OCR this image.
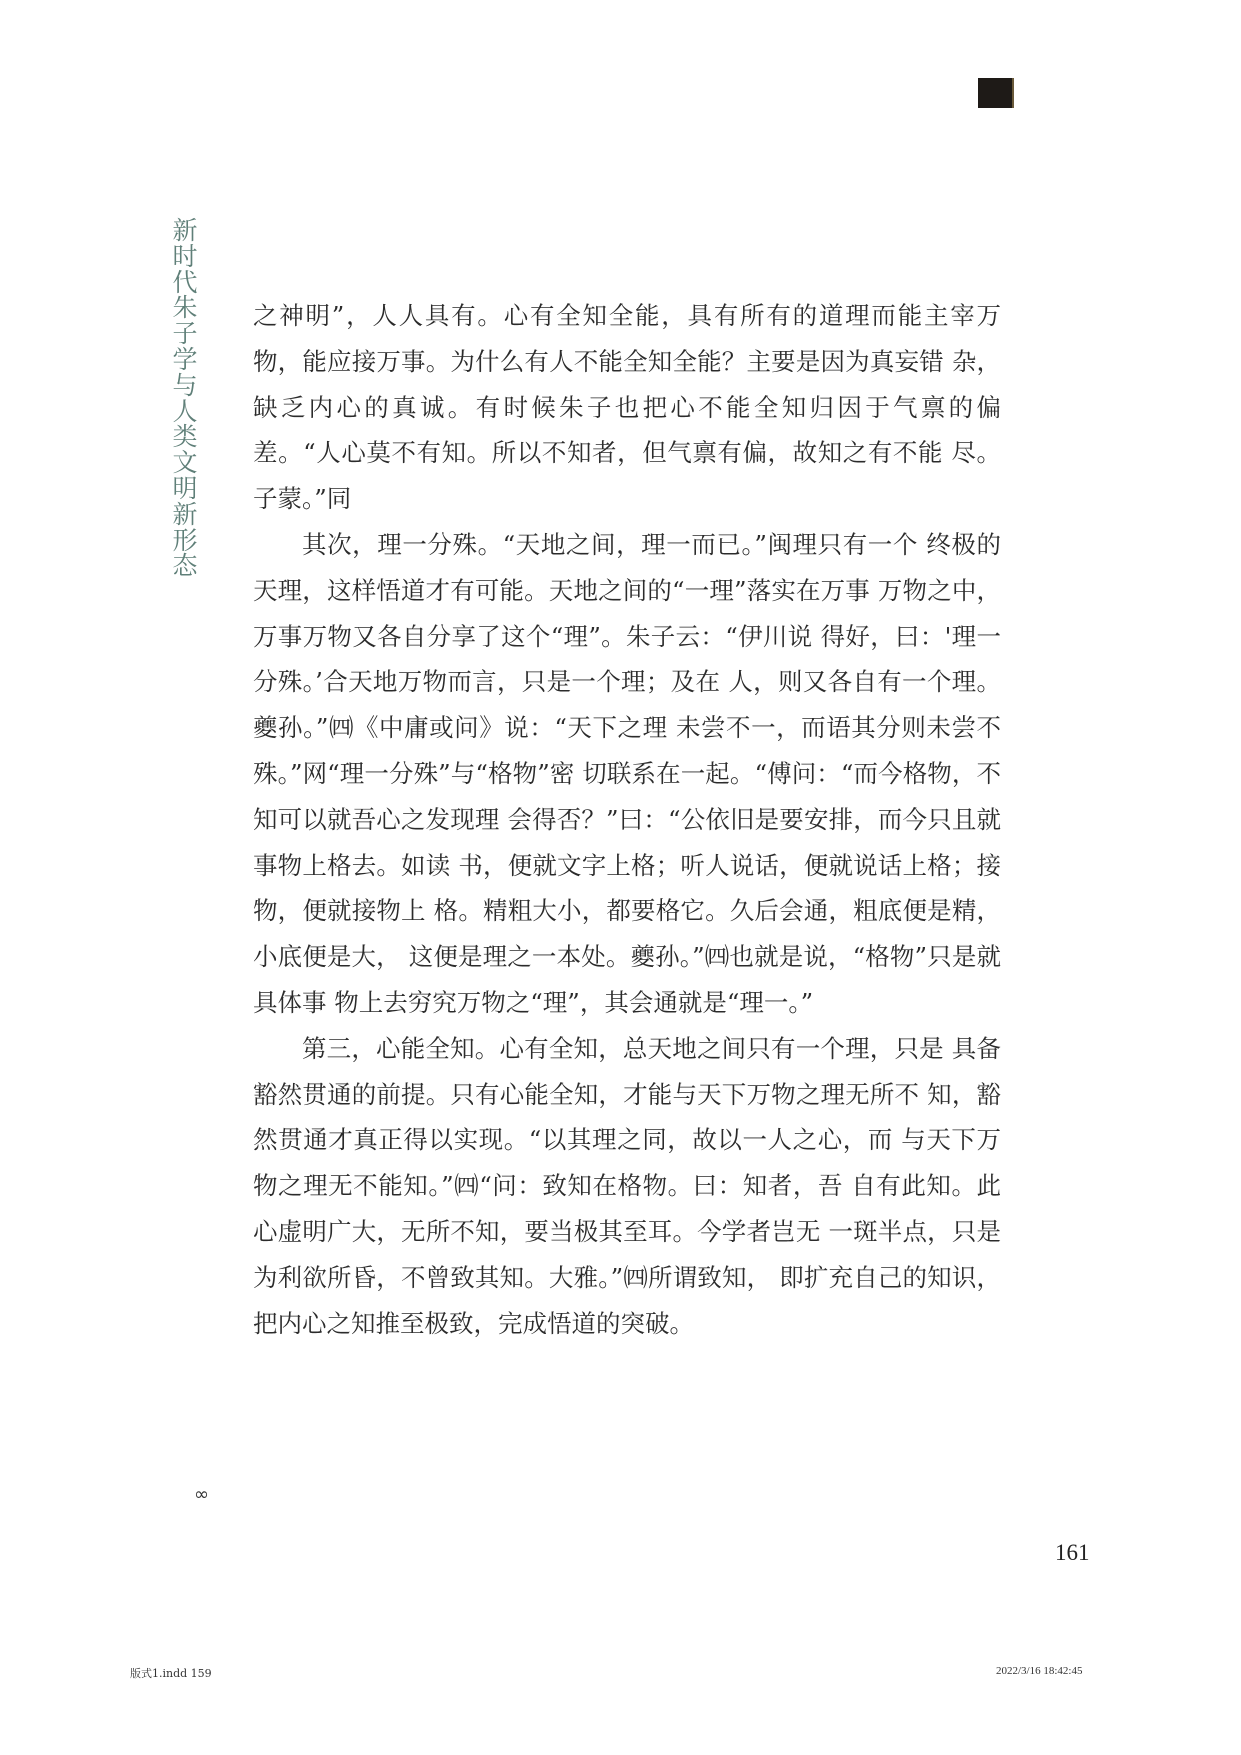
新时代朱子学与人类文明新形态

之神明”，人人具有。心有全知全能，具有所有的道理而能主宰万 物，能应接万事。为什么有人不能全知全能？主要是因为真妄错 杂，缺乏内心的真诚。有时候朱子也把心不能全知归因于气禀的偏 差。“人心莫不有知。所以不知者，但气禀有偏，故知之有不能 尽。子蒙。”同

其次，理一分殊。“天地之间，理一而已。”闽理只有一个 终极的天理，这样悟道才有可能。天地之间的“一理”落实在万事 万物之中，万事万物又各自分享了这个“理”。朱子云：“伊川说 得好，曰：'理一分殊。’合天地万物而言，只是一个理；及在 人，则又各自有一个理。夔孙。”㈣《中庸或问》说：“天下之理 未尝不一，而语其分则未尝不殊。”网“理一分殊”与“格物”密 切联系在一起。“傅问：“而今格物，不知可以就吾心之发现理 会得否？”曰：“公依旧是要安排，而今只且就事物上格去。如读 书，便就文字上格；听人说话，便就说话上格；接物，便就接物上 格。精粗大小，都要格它。久后会通，粗底便是精，小底便是大， 这便是理之一本处。夔孙。”㈣也就是说，“格物”只是就具体事 物上去穷究万物之“理”，其会通就是“理一。”

第三，心能全知。心有全知，总天地之间只有一个理，只是 具备豁然贯通的前提。只有心能全知，才能与天下万物之理无所不 知，豁然贯通才真正得以实现。“以其理之同，故以一人之心，而 与天下万物之理无不能知。”㈣“问：致知在格物。曰：知者，吾 自有此知。此心虚明广大，无所不知，要当极其至耳。今学者岂无 一斑半点，只是为利欲所昏，不曾致其知。大雅。”㈣所谓致知， 即扩充自己的知识，把内心之知推至极致，完成悟道的突破。

∞
161
版式1.indd 159	2022/3/16 18:42:45
